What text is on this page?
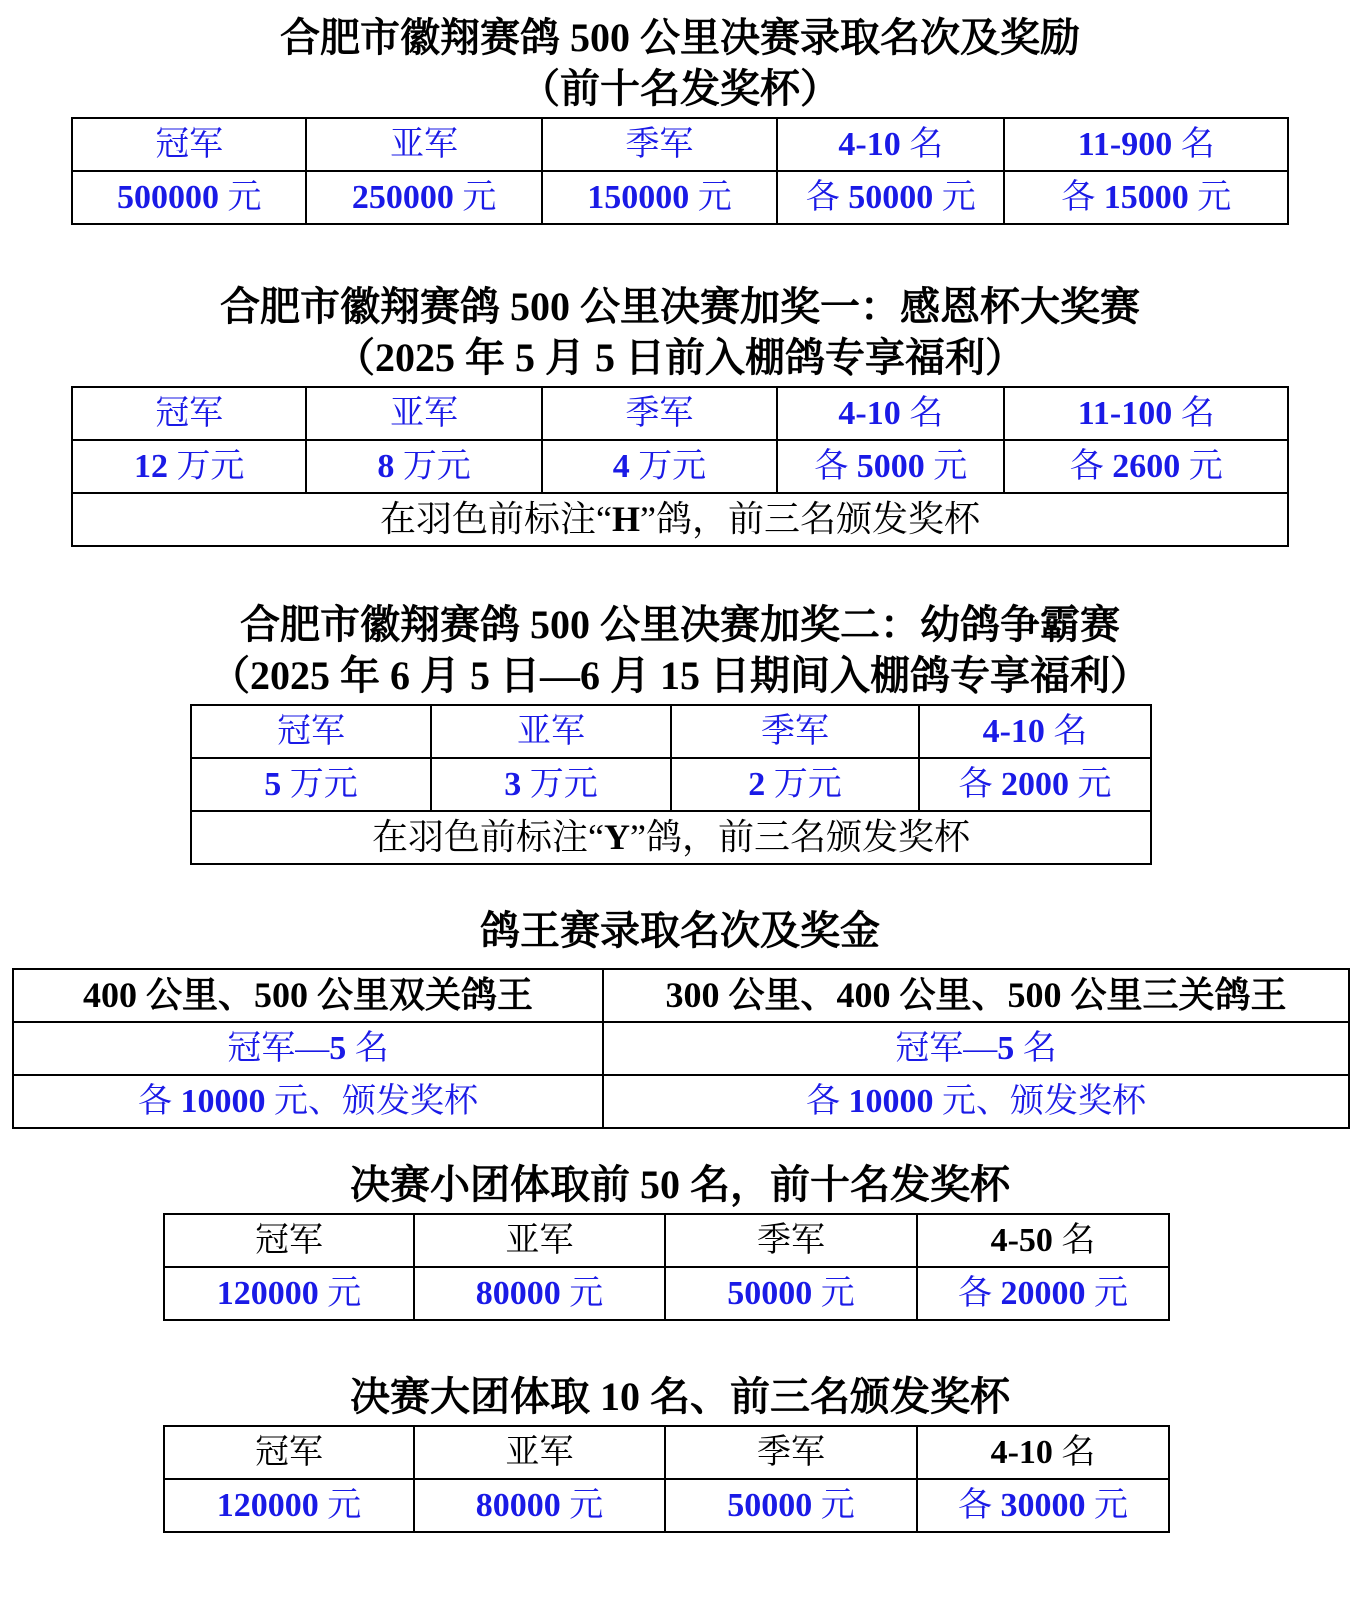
合肥市徽翔赛鸽 500 公里决赛录取名次及奖励
（前十名发奖杯）
冠军	亚军	季军	4-10 名	11-900 名
500000 元	250000 元	150000 元	各 50000 元	各 15000 元
合肥市徽翔赛鸽 500 公里决赛加奖一：感恩杯大奖赛
（2025 年 5 月 5 日前入棚鸽专享福利）
冠军	亚军	季军	4-10 名	11-100 名
12 万元	8 万元	4 万元	各 5000 元	各 2600 元
在羽色前标注“H”鸽，前三名颁发奖杯				
合肥市徽翔赛鸽 500 公里决赛加奖二：幼鸽争霸赛
（2025 年 6 月 5 日—6 月 15 日期间入棚鸽专享福利）
冠军	亚军	季军	4-10 名
5 万元	3 万元	2 万元	各 2000 元
在羽色前标注“Y”鸽，前三名颁发奖杯			
鸽王赛录取名次及奖金
400 公里、500 公里双关鸽王	300 公里、400 公里、500 公里三关鸽王
冠军—5 名	冠军—5 名
各 10000 元、颁发奖杯	各 10000 元、颁发奖杯
决赛小团体取前 50 名，前十名发奖杯
冠军	亚军	季军	4-50 名
120000 元	80000 元	50000 元	各 20000 元
决赛大团体取 10 名、前三名颁发奖杯
冠军	亚军	季军	4-10 名
120000 元	80000 元	50000 元	各 30000 元
